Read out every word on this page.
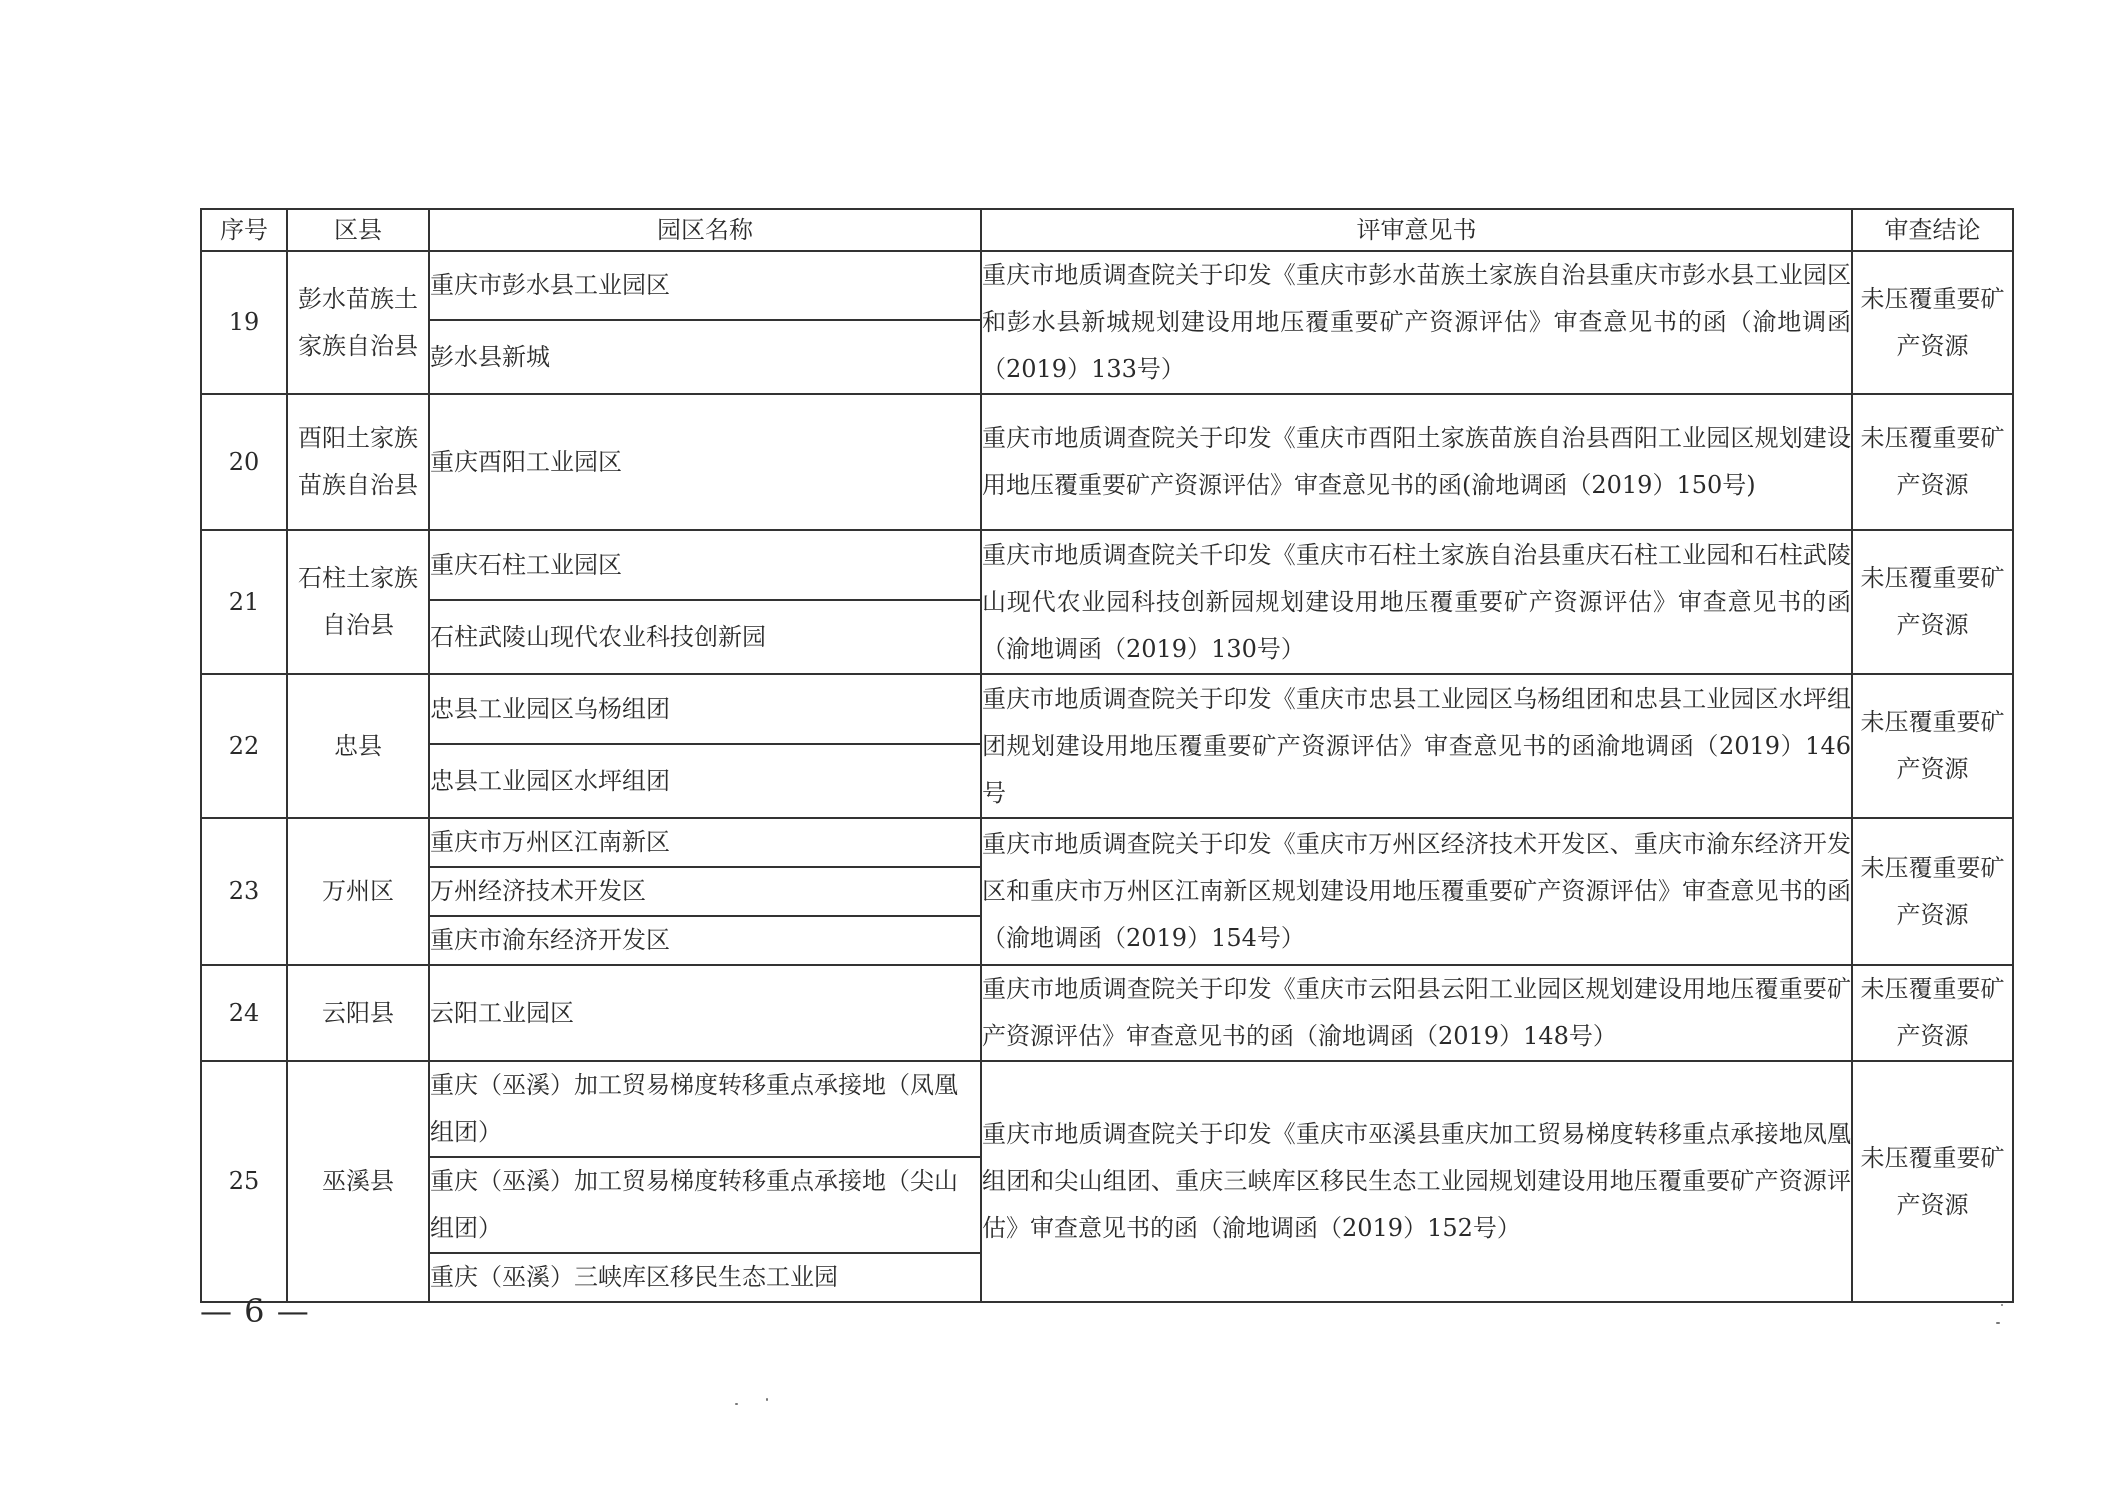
序号	区县	园区名称	评审意见书	审查结论
19	彭水苗族土家族自治县	重庆市彭水县工业园区	重庆市地质调查院关于印发《重庆市彭水苗族土家族自治县重庆市彭水县工业园区和彭水县新城规划建设用地压覆重要矿产资源评估》审查意见书的函（渝地调函（2019）133号）	未压覆重要矿产资源
		彭水县新城		
20	酉阳土家族苗族自治县	重庆酉阳工业园区	重庆市地质调查院关于印发《重庆市酉阳土家族苗族自治县酉阳工业园区规划建设用地压覆重要矿产资源评估》审查意见书的函(渝地调函（2019）150号)	未压覆重要矿产资源
21	石柱土家族自治县	重庆石柱工业园区	重庆市地质调查院关千印发《重庆市石柱土家族自治县重庆石柱工业园和石柱武陵山现代农业园科技创新园规划建设用地压覆重要矿产资源评估》审查意见书的函（渝地调函（2019）130号）	未压覆重要矿产资源
		石柱武陵山现代农业科技创新园		
22	忠县	忠县工业园区乌杨组团	重庆市地质调查院关于印发《重庆市忠县工业园区乌杨组团和忠县工业园区水坪组团规划建设用地压覆重要矿产资源评估》审查意见书的函渝地调函（2019）146号	未压覆重要矿产资源
		忠县工业园区水坪组团		
23	万州区	重庆市万州区江南新区	重庆市地质调查院关于印发《重庆市万州区经济技术开发区、重庆市渝东经济开发区和重庆市万州区江南新区规划建设用地压覆重要矿产资源评估》审查意见书的函（渝地调函（2019）154号）	未压覆重要矿产资源
		万州经济技术开发区		
		重庆市渝东经济开发区		
24	云阳县	云阳工业园区	重庆市地质调查院关于印发《重庆市云阳县云阳工业园区规划建设用地压覆重要矿产资源评估》审查意见书的函（渝地调函（2019）148号）	未压覆重要矿产资源
25	巫溪县	重庆（巫溪）加工贸易梯度转移重点承接地（凤凰组团）	重庆市地质调查院关于印发《重庆市巫溪县重庆加工贸易梯度转移重点承接地凤凰组团和尖山组团、重庆三峡库区移民生态工业园规划建设用地压覆重要矿产资源评估》审查意见书的函（渝地调函（2019）152号）	未压覆重要矿产资源
		重庆（巫溪）加工贸易梯度转移重点承接地（尖山组团）		
		重庆（巫溪）三峡库区移民生态工业园		
— 6 —
